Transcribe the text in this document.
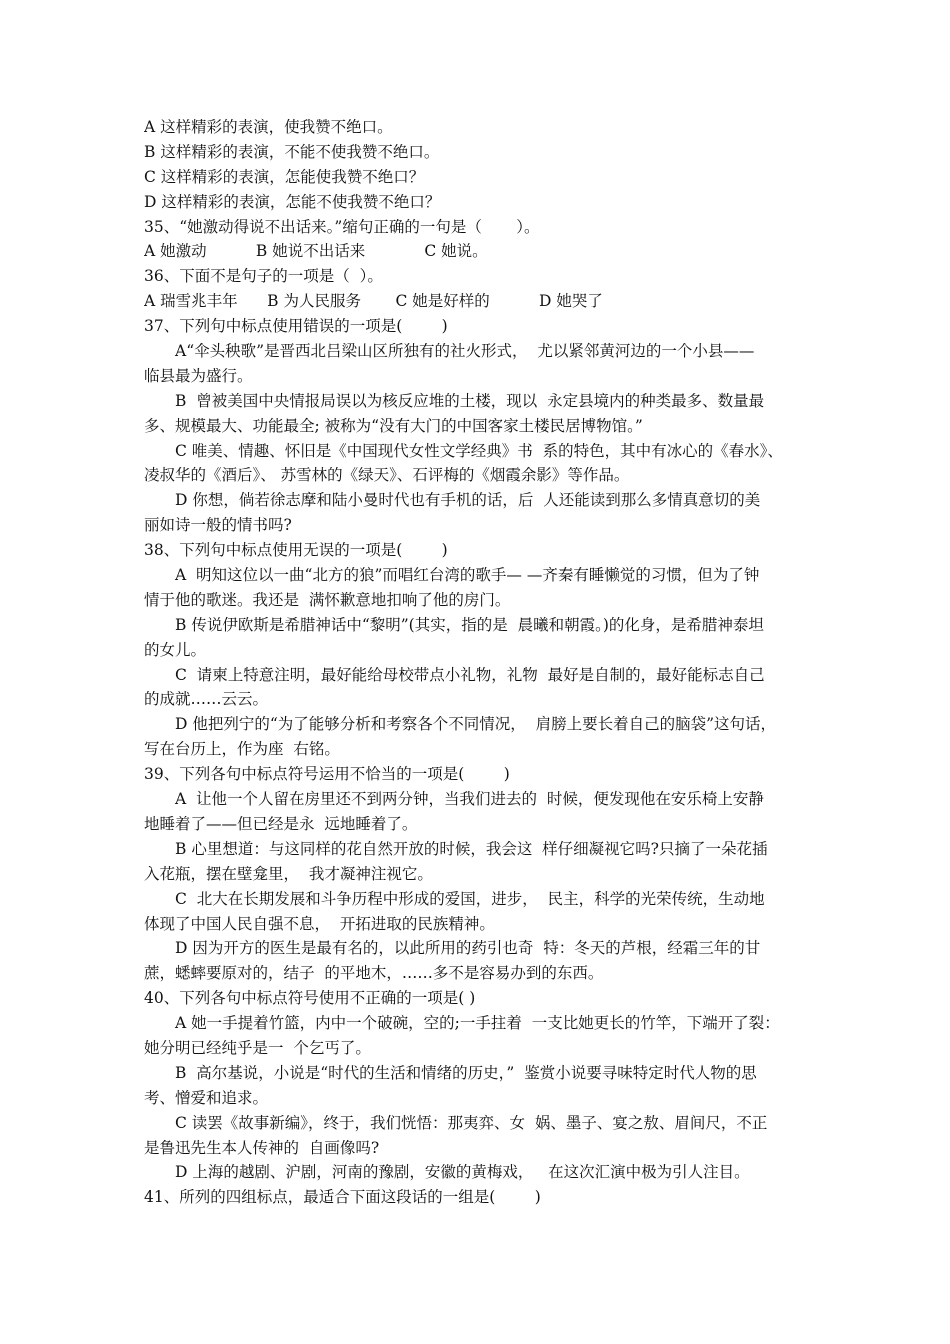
A 这样精彩的表演，使我赞不绝口。
B 这样精彩的表演，不能不使我赞不绝口。
C 这样精彩的表演，怎能使我赞不绝口？
D 这样精彩的表演，怎能不使我赞不绝口？
35、“她激动得说不出话来。”缩句正确的一句是（       ）。
A 她激动          B 她说不出话来            C 她说。
36、下面不是句子的一项是（  ）。
A 瑞雪兆丰年      B 为人民服务       C 她是好样的          D 她哭了
37、下列句中标点使用错误的一项是(        )
A“伞头秧歌”是晋西北吕梁山区所独有的社火形式，  尤以紧邻黄河边的一个小县——
临县最为盛行。
B  曾被美国中央情报局误以为核反应堆的土楼，现以  永定县境内的种类最多、数量最
多、规模最大、功能最全; 被称为“没有大门的中国客家土楼民居博物馆。”
C 唯美、情趣、怀旧是《中国现代女性文学经典》书  系的特色，其中有冰心的《春水》、
凌叔华的《酒后》、 苏雪林的《绿天》、石评梅的《烟霞余影》等作品。
D 你想，倘若徐志摩和陆小曼时代也有手机的话，后  人还能读到那么多情真意切的美
丽如诗一般的情书吗?
38、下列句中标点使用无误的一项是(        )
A  明知这位以一曲“北方的狼”而唱红台湾的歌手— —齐秦有睡懒觉的习惯，但为了钟
情于他的歌迷。我还是  满怀歉意地扣响了他的房门。
B 传说伊欧斯是希腊神话中“黎明”(其实，指的是  晨曦和朝霞。)的化身，是希腊神泰坦
的女儿。
C  请柬上特意注明，最好能给母校带点小礼物，礼物  最好是自制的，最好能标志自己
的成就……云云。
D 他把列宁的“为了能够分析和考察各个不同情况，  肩膀上要长着自己的脑袋”这句话，
写在台历上，作为座  右铭。
39、下列各句中标点符号运用不恰当的一项是(        )
A  让他一个人留在房里还不到两分钟，当我们进去的  时候，便发现他在安乐椅上安静
地睡着了——但已经是永  远地睡着了。
B 心里想道：与这同样的花自然开放的时候，我会这  样仔细凝视它吗?只摘了一朵花插
入花瓶，摆在壁龛里，  我才凝神注视它。
C  北大在长期发展和斗争历程中形成的爱国，进步，  民主，科学的光荣传统，生动地
体现了中国人民自强不息，  开拓进取的民族精神。
D 因为开方的医生是最有名的，以此所用的药引也奇  特：冬天的芦根，经霜三年的甘
蔗，蟋蟀要原对的，结子  的平地木，……多不是容易办到的东西。
40、下列各句中标点符号使用不正确的一项是( )
A 她一手提着竹篮，内中一个破碗，空的;一手拄着  一支比她更长的竹竿，下端开了裂：
她分明已经纯乎是一  个乞丐了。
B  高尔基说，小说是“时代的生活和情绪的历史，”  鉴赏小说要寻味特定时代人物的思
考、憎爱和追求。
C 读罢《故事新编》，终于，我们恍悟：那夷弈、女  娲、墨子、宴之敖、眉间尺，不正
是鲁迅先生本人传神的  自画像吗?
D 上海的越剧、沪剧，河南的豫剧，安徽的黄梅戏，   在这次汇演中极为引人注目。
41、所列的四组标点，最适合下面这段话的一组是(        )
